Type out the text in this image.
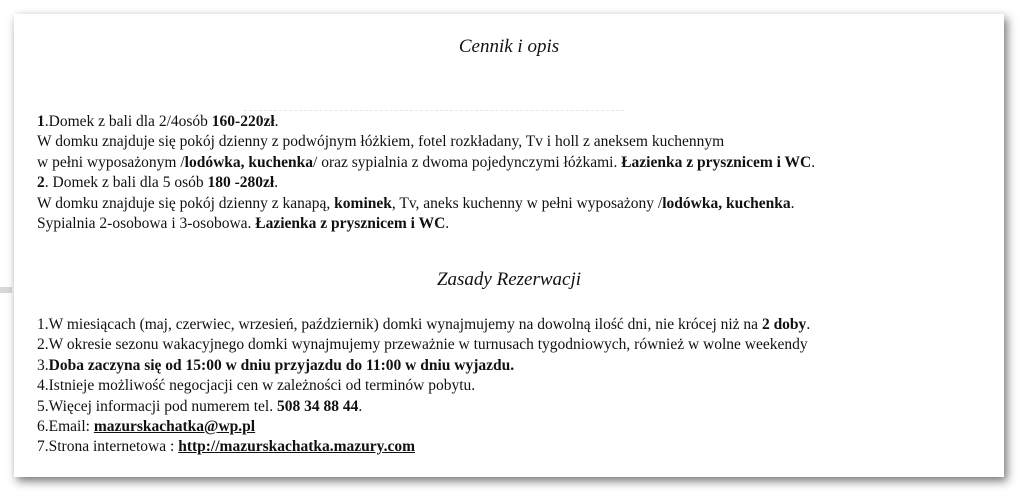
Cennik i opis
1.Domek z bali dla 2/4osób 160-220zł.
W domku znajduje się pokój dzienny z podwójnym łóżkiem, fotel rozkładany, Tv i holl z aneksem kuchennym
w pełni wyposażonym /lodówka, kuchenka/ oraz sypialnia z dwoma pojedynczymi łóżkami. Łazienka z prysznicem i WC.
2. Domek z bali dla 5 osób 180 -280zł.
W domku znajduje się pokój dzienny z kanapą, kominek, Tv, aneks kuchenny w pełni wyposażony /lodówka, kuchenka.
Sypialnia 2-osobowa i 3-osobowa. Łazienka z prysznicem i WC.
Zasady Rezerwacji
1.W miesiącach (maj, czerwiec, wrzesień, październik) domki wynajmujemy na dowolną ilość dni, nie krócej niż na 2 doby.
2.W okresie sezonu wakacyjnego domki wynajmujemy przeważnie w turnusach tygodniowych, również w wolne weekendy
3.Doba zaczyna się od 15:00 w dniu przyjazdu do 11:00 w dniu wyjazdu.
4.Istnieje możliwość negocjacji cen w zależności od terminów pobytu.
5.Więcej informacji pod numerem tel. 508 34 88 44.
6.Email: mazurskachatka@wp.pl
7.Strona internetowa : http://mazurskachatka.mazury.com
